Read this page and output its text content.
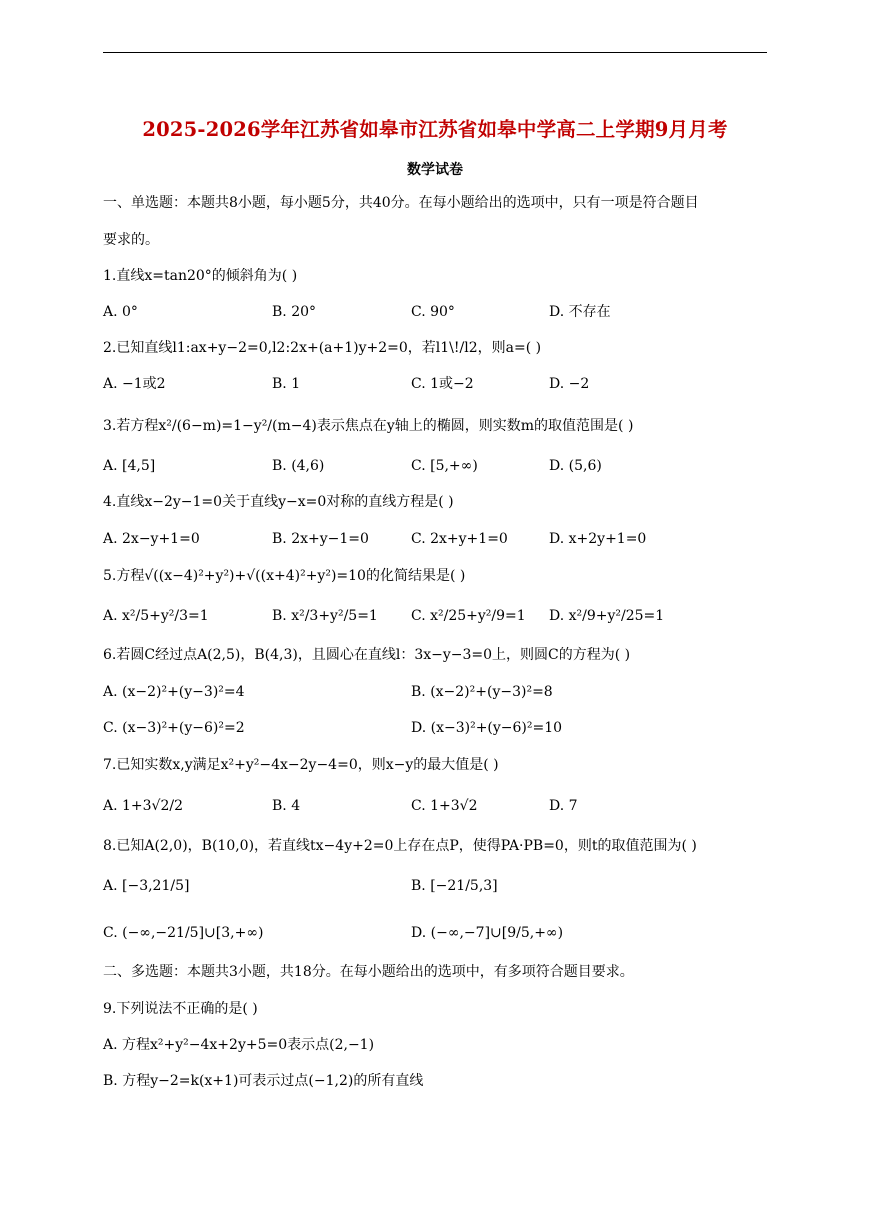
2025-2026学年江苏省如皋市江苏省如皋中学高二上学期9月月考
数学试卷
一、单选题：本题共8小题，每小题5分，共40分。在每小题给出的选项中，只有一项是符合题目
要求的。
1.直线x=tan20°的倾斜角为( )
A. 0°	B. 20°	C. 90°	D. 不存在
2.已知直线l1:ax+y−2=0,l2:2x+(a+1)y+2=0，若l1\!/l2，则a=( )
A. −1或2	B. 1	C. 1或−2	D. −2
3.若方程x²/(6−m)=1−y²/(m−4)表示焦点在y轴上的椭圆，则实数m的取值范围是( )
A. [4,5]	B. (4,6)	C. [5,+∞)	D. (5,6)
4.直线x−2y−1=0关于直线y−x=0对称的直线方程是( )
A. 2x−y+1=0	B. 2x+y−1=0	C. 2x+y+1=0	D. x+2y+1=0
5.方程√((x−4)²+y²)+√((x+4)²+y²)=10的化简结果是( )
A. x²/5+y²/3=1	B. x²/3+y²/5=1 C. x²/25+y²/9=1 D. x²/9+y²/25=1
6.若圆C经过点A(2,5)，B(4,3)，且圆心在直线l：3x−y−3=0上，则圆C的方程为( )
A. (x−2)²+(y−3)²=4	B. (x−2)²+(y−3)²=8
C. (x−3)²+(y−6)²=2	D. (x−3)²+(y−6)²=10
7.已知实数x,y满足x²+y²−4x−2y−4=0，则x−y的最大值是( )
A. 1+3√2/2	B. 4	C. 1+3√2	D. 7
8.已知A(2,0)，B(10,0)，若直线tx−4y+2=0上存在点P，使得PA·PB=0，则t的取值范围为( )
A. [−3,21/5]	B. [−21/5,3]
C. (−∞,−21/5]∪[3,+∞)	D. (−∞,−7]∪[9/5,+∞)
二、多选题：本题共3小题，共18分。在每小题给出的选项中，有多项符合题目要求。
9.下列说法不正确的是( )
A. 方程x²+y²−4x+2y+5=0表示点(2,−1)
B. 方程y−2=k(x+1)可表示过点(−1,2)的所有直线
